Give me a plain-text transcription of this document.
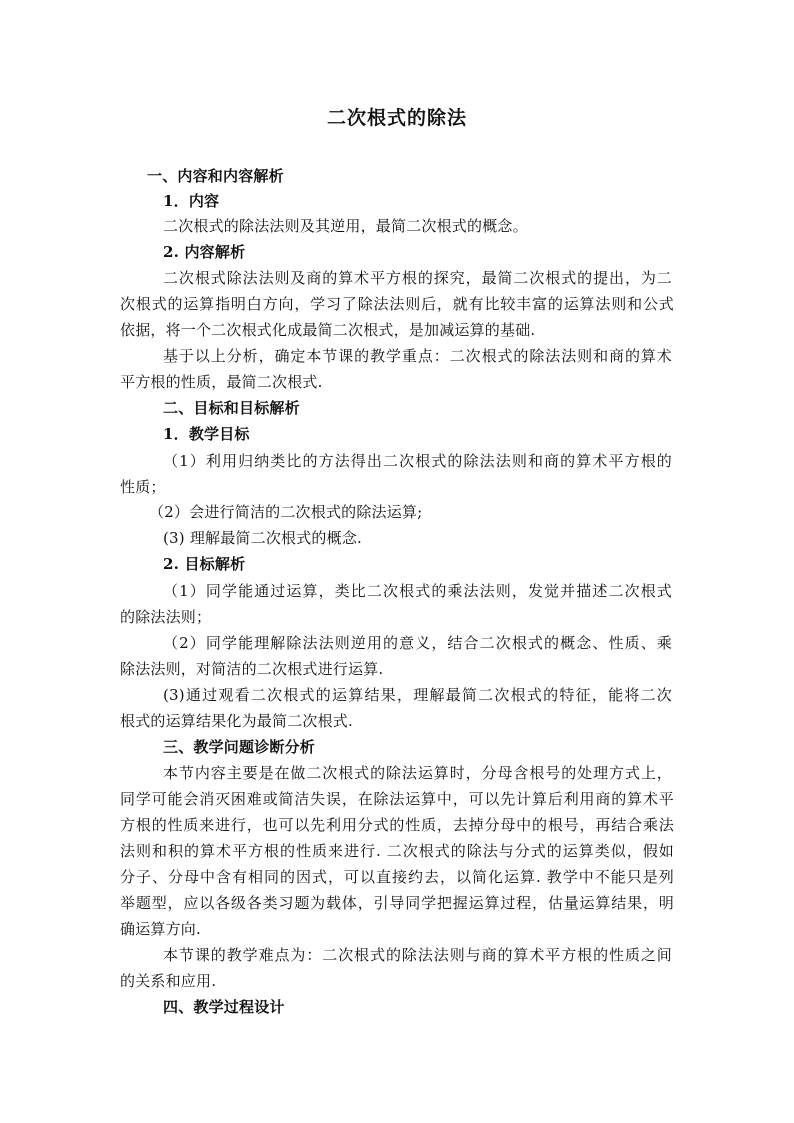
二次根式的除法
一、内容和内容解析
1．内容
二次根式的除法法则及其逆用，最简二次根式的概念。
2. 内容解析
二次根式除法法则及商的算术平方根的探究，最简二次根式的提出，为二
次根式的运算指明白方向，学习了除法法则后，就有比较丰富的运算法则和公式
依据，将一个二次根式化成最简二次根式，是加减运算的基础.
基于以上分析，确定本节课的教学重点：二次根式的除法法则和商的算术
平方根的性质，最简二次根式.
二、目标和目标解析
1．教学目标
（1）利用归纳类比的方法得出二次根式的除法法则和商的算术平方根的
性质；
（2）会进行简洁的二次根式的除法运算;
(3) 理解最简二次根式的概念.
2. 目标解析
（1）同学能通过运算，类比二次根式的乘法法则，发觉并描述二次根式
的除法法则；
（2）同学能理解除法法则逆用的意义，结合二次根式的概念、性质、乘
除法法则，对简洁的二次根式进行运算.
(3)通过观看二次根式的运算结果，理解最简二次根式的特征，能将二次
根式的运算结果化为最简二次根式.
三、教学问题诊断分析
本节内容主要是在做二次根式的除法运算时，分母含根号的处理方式上，
同学可能会消灭困难或简洁失误，在除法运算中，可以先计算后利用商的算术平
方根的性质来进行，也可以先利用分式的性质，去掉分母中的根号，再结合乘法
法则和积的算术平方根的性质来进行. 二次根式的除法与分式的运算类似，假如
分子、分母中含有相同的因式，可以直接约去，以简化运算. 教学中不能只是列
举题型，应以各级各类习题为载体，引导同学把握运算过程，估量运算结果，明
确运算方向.
本节课的教学难点为：二次根式的除法法则与商的算术平方根的性质之间
的关系和应用.
四、教学过程设计
